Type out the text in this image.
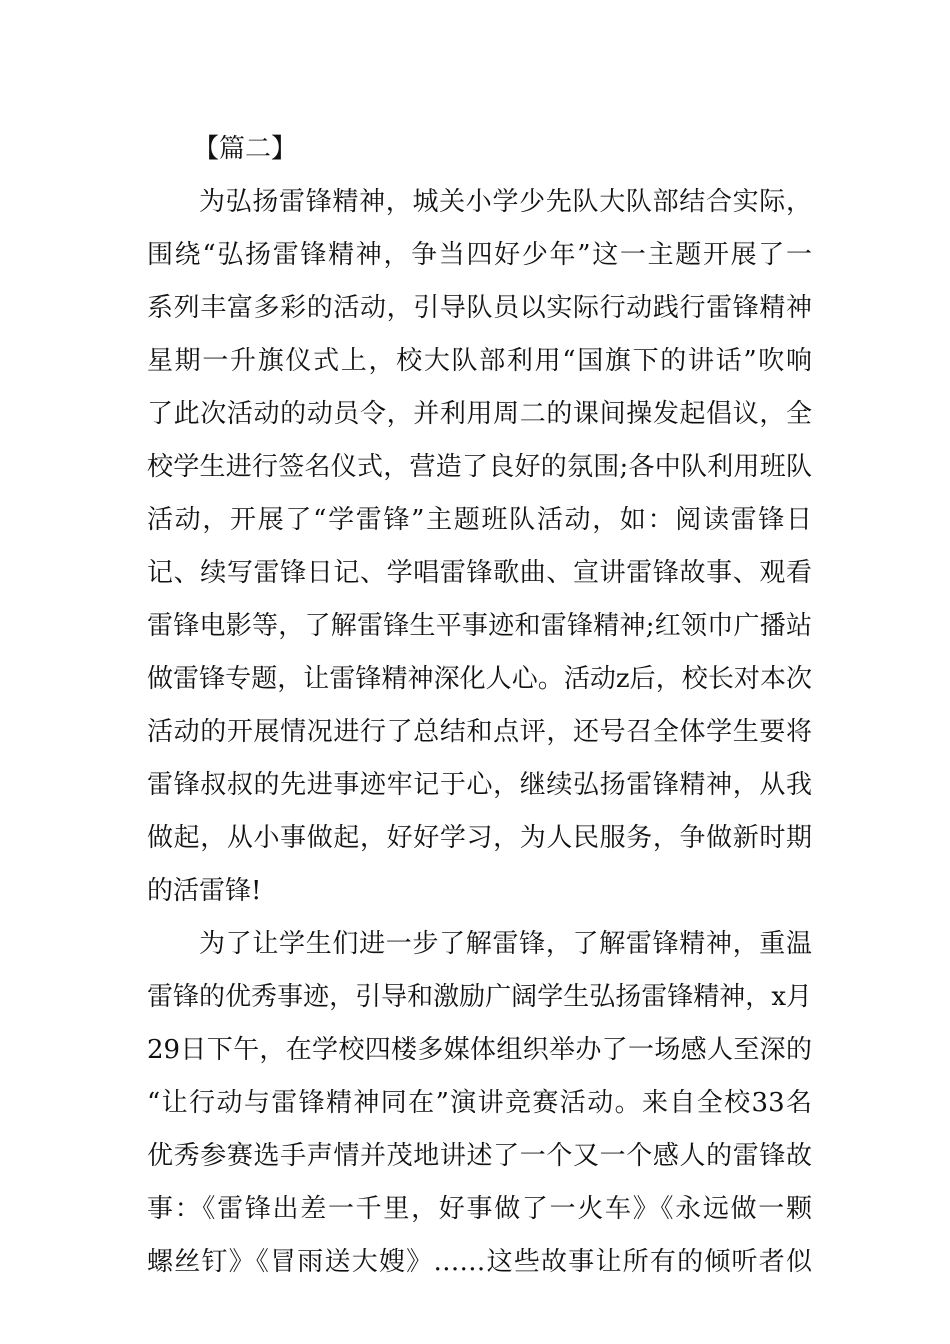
【篇二】
为弘扬雷锋精神，城关小学少先队大队部结合实际，
围绕“弘扬雷锋精神，争当四好少年”这一主题开展了一
系列丰富多彩的活动，引导队员以实际行动践行雷锋精神
星期一升旗仪式上，校大队部利用“国旗下的讲话”吹响
了此次活动的动员令，并利用周二的课间操发起倡议，全
校学生进行签名仪式，营造了良好的氛围;各中队利用班队
活动，开展了“学雷锋”主题班队活动，如：阅读雷锋日
记、续写雷锋日记、学唱雷锋歌曲、宣讲雷锋故事、观看
雷锋电影等，了解雷锋生平事迹和雷锋精神;红领巾广播站
做雷锋专题，让雷锋精神深化人心。活动z后，校长对本次
活动的开展情况进行了总结和点评，还号召全体学生要将
雷锋叔叔的先进事迹牢记于心，继续弘扬雷锋精神，从我
做起，从小事做起，好好学习，为人民服务，争做新时期
的活雷锋!
为了让学生们进一步了解雷锋，了解雷锋精神，重温
雷锋的优秀事迹，引导和激励广阔学生弘扬雷锋精神，x月
29日下午，在学校四楼多媒体组织举办了一场感人至深的
“让行动与雷锋精神同在”演讲竞赛活动。来自全校33名
优秀参赛选手声情并茂地讲述了一个又一个感人的雷锋故
事：《雷锋出差一千里，好事做了一火车》《永远做一颗
螺丝钉》《冒雨送大嫂》……这些故事让所有的倾听者似
